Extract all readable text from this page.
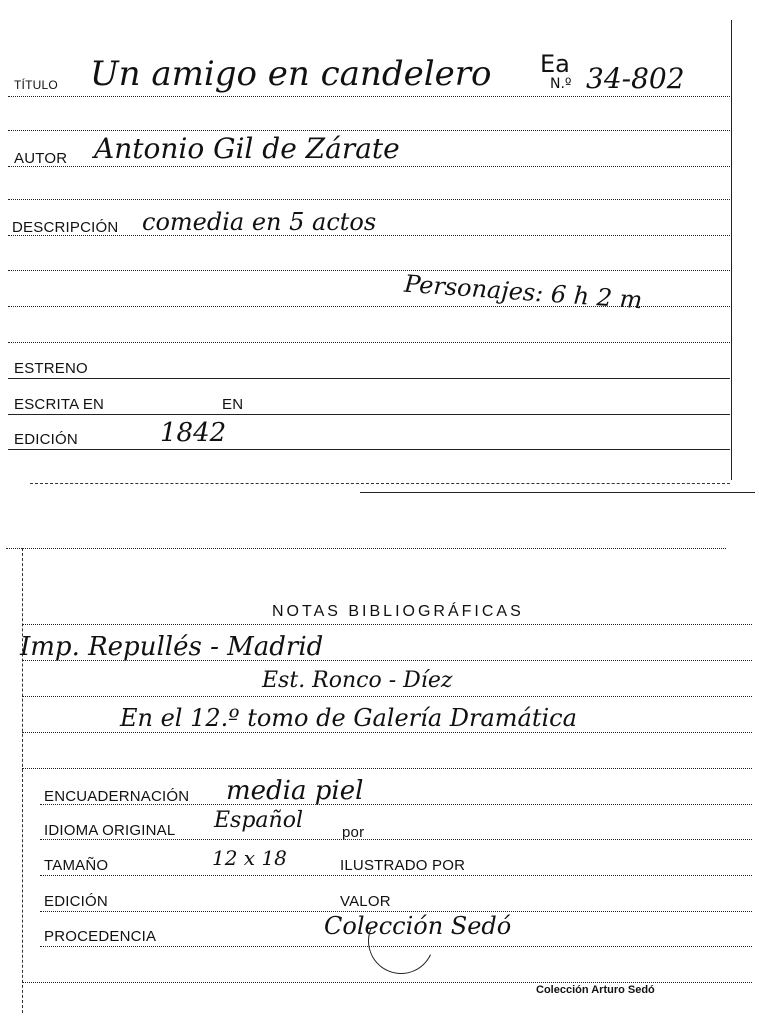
TÍTULO Un amigo en candelero Ea
N.º 34-802
AUTOR Antonio Gil de Zárate
DESCRIPCIÓN comedia en 5 actos
Personajes: 6 h 2 m
ESTRENO
ESCRITA EN	EN
EDICIÓN	1842
NOTAS BIBLIOGRÁFICAS
Imp. Repullés - Madrid
Est. Ronco - Díez
En el 12.º tomo de Galería Dramática
ENCUADERNACIÓN media piel
IDIOMA ORIGINAL Español	por
TAMAÑO	12 x 18	ILUSTRADO POR
EDICIÓN	VALOR
PROCEDENCIA	Colección Sedó
Colección Arturo Sedó
